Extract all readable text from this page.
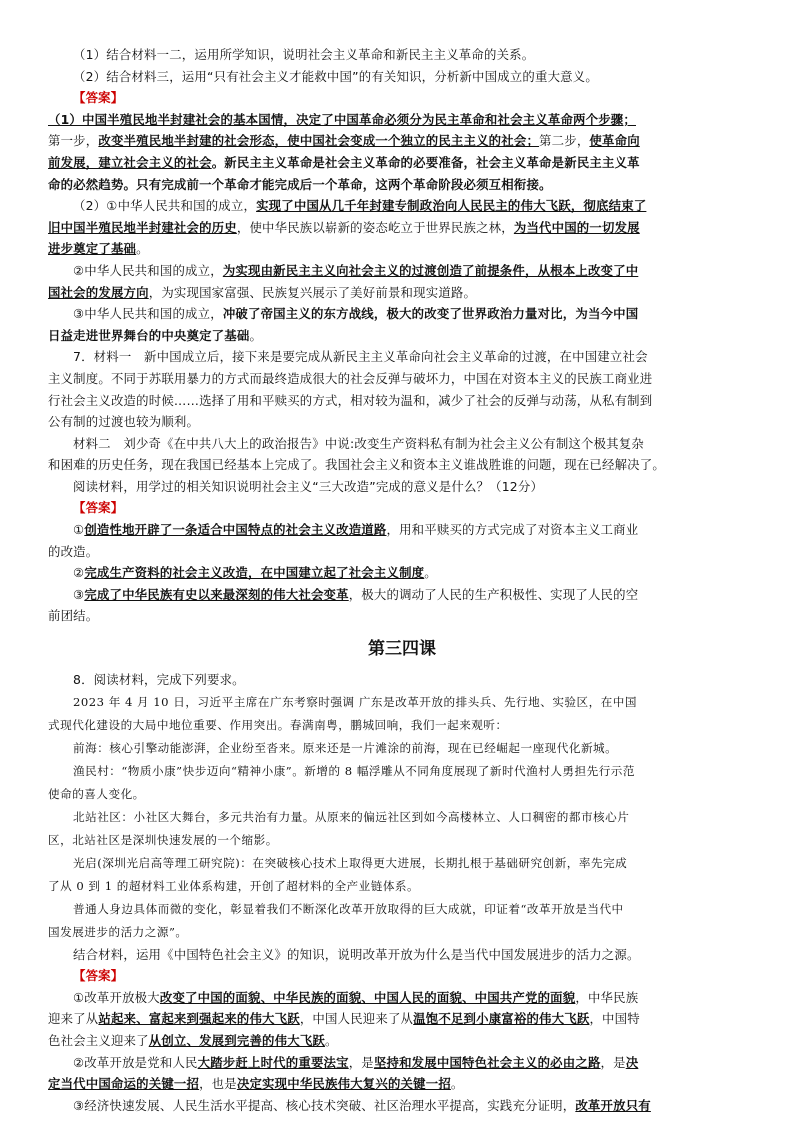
（1）结合材料一二，运用所学知识，说明社会主义革命和新民主主义革命的关系。

（2）结合材料三，运用“只有社会主义才能救中国”的有关知识，分析新中国成立的重大意义。

【答案】

（1）中国半殖民地半封建社会的基本国情，决定了中国革命必须分为民主革命和社会主义革命两个步骤；

第一步，改变半殖民地半封建的社会形态，使中国社会变成一个独立的民主主义的社会；第二步，使革命向

前发展，建立社会主义的社会。新民主主义革命是社会主义革命的必要准备，社会主义革命是新民主主义革

命的必然趋势。只有完成前一个革命才能完成后一个革命，这两个革命阶段必须互相衔接。

（2）①中华人民共和国的成立，实现了中国从几千年封建专制政治向人民民主的伟大飞跃，彻底结束了

旧中国半殖民地半封建社会的历史，使中华民族以崭新的姿态屹立于世界民族之林，为当代中国的一切发展

进步奠定了基础。

②中华人民共和国的成立，为实现由新民主主义向社会主义的过渡创造了前提条件，从根本上改变了中

国社会的发展方向，为实现国家富强、民族复兴展示了美好前景和现实道路。

③中华人民共和国的成立，冲破了帝国主义的东方战线，极大的改变了世界政治力量对比，为当今中国

日益走进世界舞台的中央奠定了基础。

7．材料一　新中国成立后，接下来是要完成从新民主主义革命向社会主义革命的过渡，在中国建立社会

主义制度。不同于苏联用暴力的方式而最终造成很大的社会反弹与破坏力，中国在对资本主义的民族工商业进

行社会主义改造的时候……选择了用和平赎买的方式，相对较为温和，减少了社会的反弹与动荡，从私有制到

公有制的过渡也较为顺利。

材料二　刘少奇《在中共八大上的政治报告》中说:改变生产资料私有制为社会主义公有制这个极其复杂

和困难的历史任务，现在我国已经基本上完成了。我国社会主义和资本主义谁战胜谁的问题，现在已经解决了。

阅读材料，用学过的相关知识说明社会主义“三大改造”完成的意义是什么？（12分）

【答案】

①创造性地开辟了一条适合中国特点的社会主义改造道路，用和平赎买的方式完成了对资本主义工商业

的改造。

②完成生产资料的社会主义改造，在中国建立起了社会主义制度。

③完成了中华民族有史以来最深刻的伟大社会变革，极大的调动了人民的生产积极性、实现了人民的空

前团结。

第三四课

8．阅读材料，完成下列要求。

2023 年 4 月 10 日，习近平主席在广东考察时强调 广东是改革开放的排头兵、先行地、实验区，在中国

式现代化建设的大局中地位重要、作用突出。春满南粤，鹏城回响，我们一起来观听：

前海：核心引擎动能澎湃，企业纷至沓来。原来还是一片滩涂的前海，现在已经崛起一座现代化新城。

渔民村：“物质小康”快步迈向“精神小康”。新增的 8 幅浮雕从不同角度展现了新时代渔村人勇担先行示范

使命的喜人变化。

北站社区：小社区大舞台，多元共治有力量。从原来的偏远社区到如今高楼林立、人口稠密的都市核心片

区，北站社区是深圳快速发展的一个缩影。

光启(深圳光启高等理工研究院)：在突破核心技术上取得更大进展，长期扎根于基础研究创新，率先完成

了从 0 到 1 的超材料工业体系构建，开创了超材料的全产业链体系。

普通人身边具体而微的变化，彰显着我们不断深化改革开放取得的巨大成就，印证着“改革开放是当代中

国发展进步的活力之源”。

结合材料，运用《中国特色社会主义》的知识，说明改革开放为什么是当代中国发展进步的活力之源。

【答案】

①改革开放极大改变了中国的面貌、中华民族的面貌、中国人民的面貌、中国共产党的面貌，中华民族

迎来了从站起来、富起来到强起来的伟大飞跃，中国人民迎来了从温饱不足到小康富裕的伟大飞跃，中国特

色社会主义迎来了从创立、发展到完善的伟大飞跃。

②改革开放是党和人民大踏步赶上时代的重要法宝，是坚持和发展中国特色社会主义的必由之路，是决

定当代中国命运的关键一招，也是决定实现中华民族伟大复兴的关键一招。

③经济快速发展、人民生活水平提高、核心技术突破、社区治理水平提高，实践充分证明，改革开放只有
